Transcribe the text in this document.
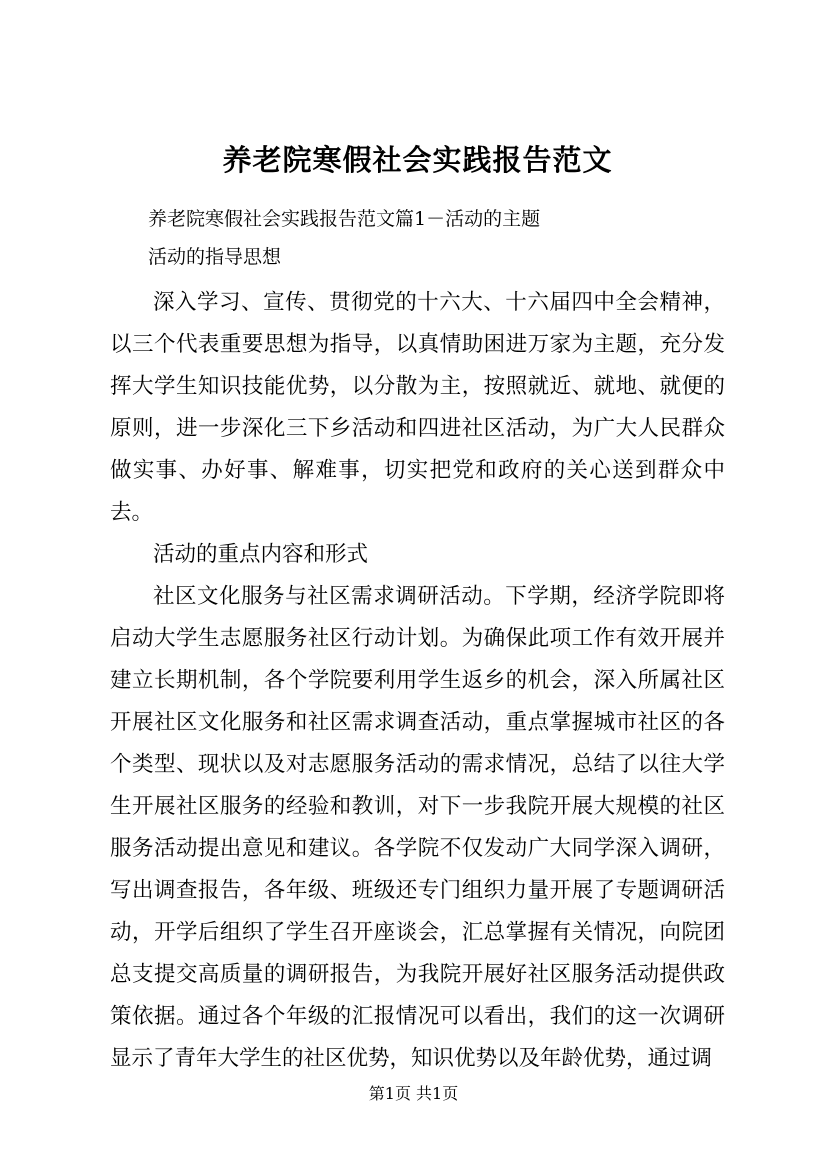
养老院寒假社会实践报告范文

养老院寒假社会实践报告范文篇1－活动的主题

活动的指导思想

深入学习、宣传、贯彻党的十六大、十六届四中全会精神，以三个代表重要思想为指导，以真情助困进万家为主题，充分发挥大学生知识技能优势，以分散为主，按照就近、就地、就便的原则，进一步深化三下乡活动和四进社区活动，为广大人民群众做实事、办好事、解难事，切实把党和政府的关心送到群众中去。

活动的重点内容和形式

社区文化服务与社区需求调研活动。下学期，经济学院即将启动大学生志愿服务社区行动计划。为确保此项工作有效开展并建立长期机制，各个学院要利用学生返乡的机会，深入所属社区开展社区文化服务和社区需求调查活动，重点掌握城市社区的各个类型、现状以及对志愿服务活动的需求情况，总结了以往大学生开展社区服务的经验和教训，对下一步我院开展大规模的社区服务活动提出意见和建议。各学院不仅发动广大同学深入调研，写出调查报告，各年级、班级还专门组织力量开展了专题调研活动，开学后组织了学生召开座谈会，汇总掌握有关情况，向院团总支提交高质量的调研报告，为我院开展好社区服务活动提供政策依据。通过各个年级的汇报情况可以看出，我们的这一次调研显示了青年大学生的社区优势，知识优势以及年龄优势，通过调

第1页 共1页
